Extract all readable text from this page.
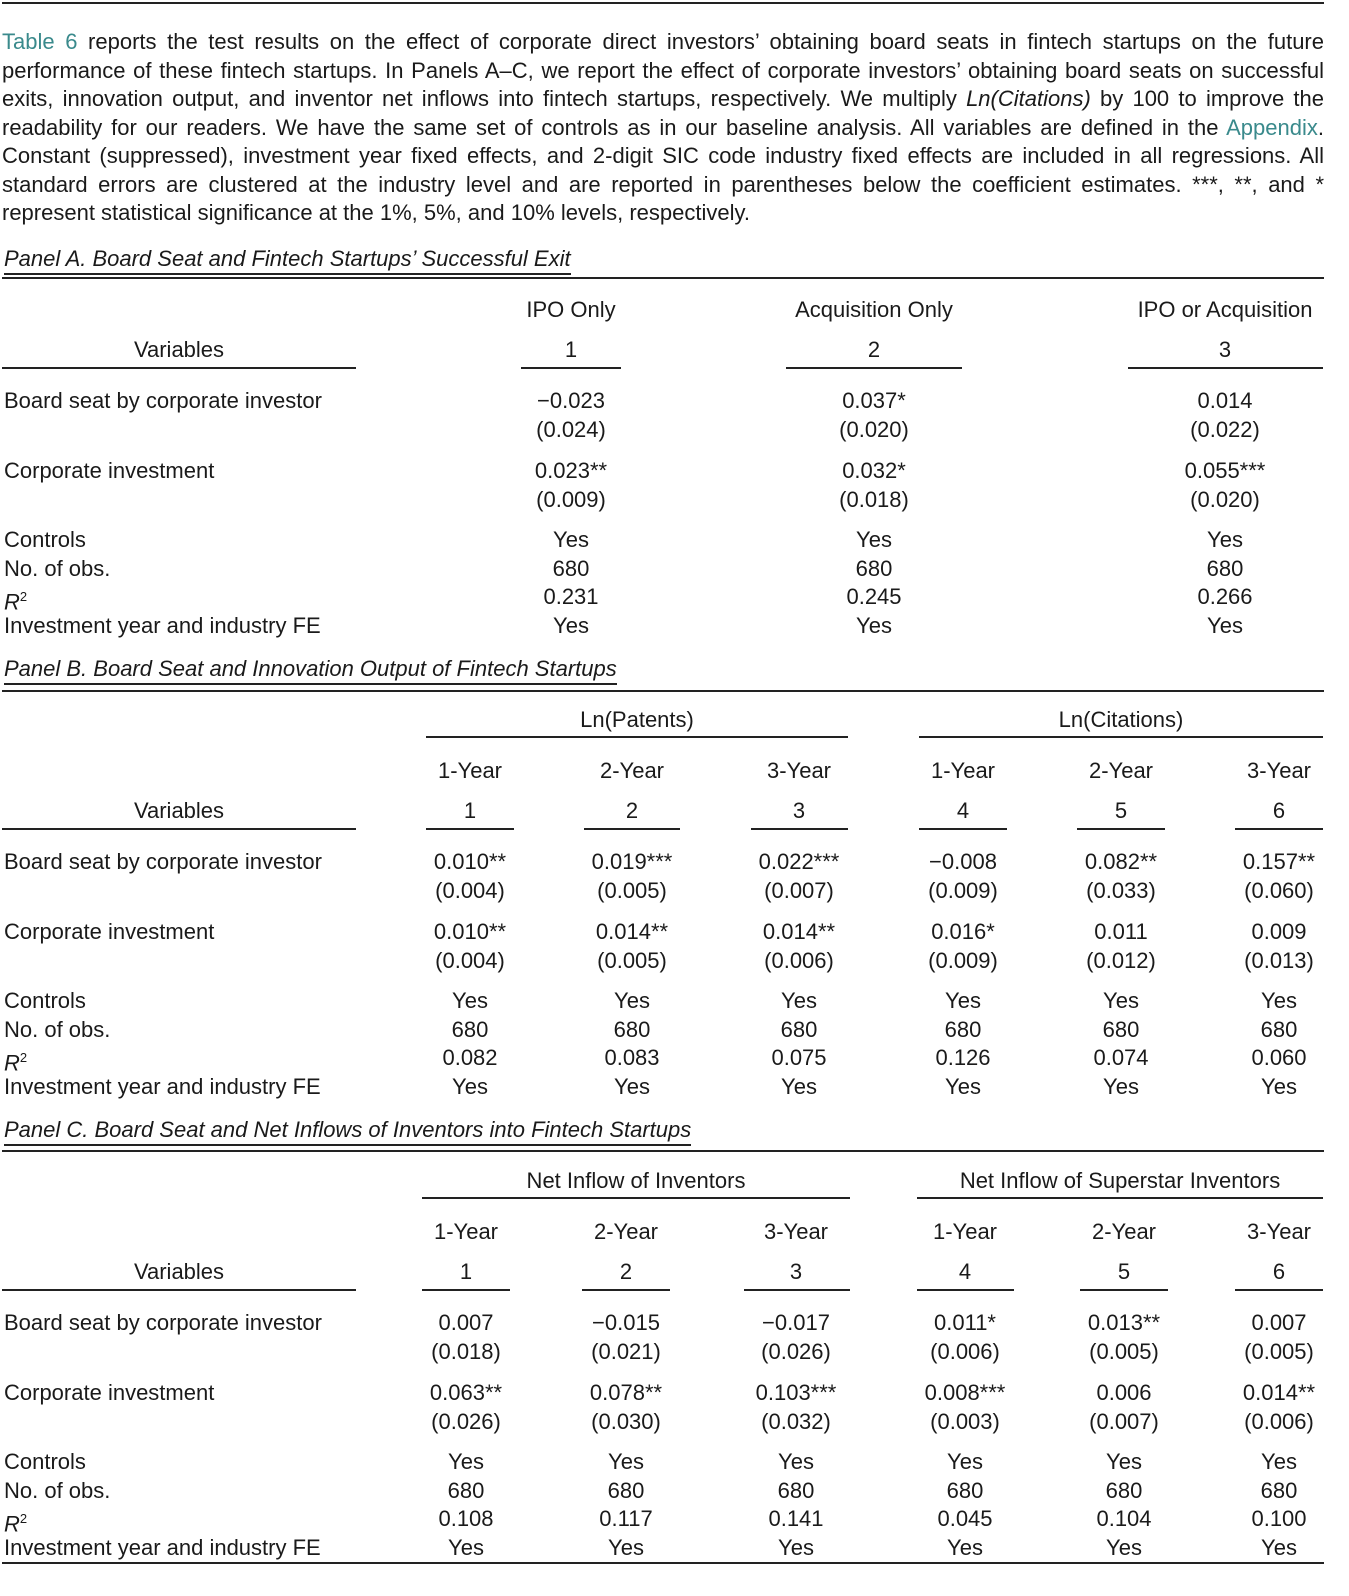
Table 6 reports the test results on the effect of corporate direct investors’ obtaining board seats in fintech startups on the future performance of these fintech startups. In Panels A–C, we report the effect of corporate investors’ obtaining board seats on successful exits, innovation output, and inventor net inflows into fintech startups, respectively. We multiply Ln(Citations) by 100 to improve the readability for our readers. We have the same set of controls as in our baseline analysis. All variables are defined in the Appendix. Constant (suppressed), investment year fixed effects, and 2-digit SIC code industry fixed effects are included in all regressions. All standard errors are clustered at the industry level and are reported in parentheses below the coefficient estimates. ***, **, and * represent statistical significance at the 1%, 5%, and 10% levels, respectively.
Panel A. Board Seat and Fintech Startups’ Successful Exit
Variables
IPO Only
1
−0.023
(0.024)
0.023**
(0.009)
Yes
680
0.231
Yes
Acquisition Only
2
0.037*
(0.020)
0.032*
(0.018)
Yes
680
0.245
Yes
IPO or Acquisition
3
0.014
(0.022)
0.055***
(0.020)
Yes
680
0.266
Yes
Board seat by corporate investor
Corporate investment
Controls
No. of obs.
$R^2$
Investment year and industry FE
Panel B. Board Seat and Innovation Output of Fintech Startups
Ln(Patents)	Ln(Citations)
Variables
1-Year
1
0.010**
(0.004)
0.010**
(0.004)
Yes
680
0.082
Yes
2-Year
2
0.019***
(0.005)
0.014**
(0.005)
Yes
680
0.083
Yes
3-Year
3
0.022***
(0.007)
0.014**
(0.006)
Yes
680
0.075
Yes
1-Year
4
−0.008
(0.009)
0.016*
(0.009)
Yes
680
0.126
Yes
2-Year
5
0.082**
(0.033)
0.011
(0.012)
Yes
680
0.074
Yes
3-Year
6
0.157**
(0.060)
0.009
(0.013)
Yes
680
0.060
Yes
Board seat by corporate investor
Corporate investment
Controls
No. of obs.
$R^2$
Investment year and industry FE
Panel C. Board Seat and Net Inflows of Inventors into Fintech Startups
Net Inflow of Inventors	Net Inflow of Superstar Inventors
Variables
1-Year
1
0.007
(0.018)
0.063**
(0.026)
Yes
680
0.108
Yes
2-Year
2
−0.015
(0.021)
0.078**
(0.030)
Yes
680
0.117
Yes
3-Year
3
−0.017
(0.026)
0.103***
(0.032)
Yes
680
0.141
Yes
1-Year
4
0.011*
(0.006)
0.008***
(0.003)
Yes
680
0.045
Yes
2-Year
5
0.013**
(0.005)
0.006
(0.007)
Yes
680
0.104
Yes
3-Year
6
0.007
(0.005)
0.014**
(0.006)
Yes
680
0.100
Yes
Board seat by corporate investor
Corporate investment
Controls
No. of obs.
$R^2$
Investment year and industry FE
